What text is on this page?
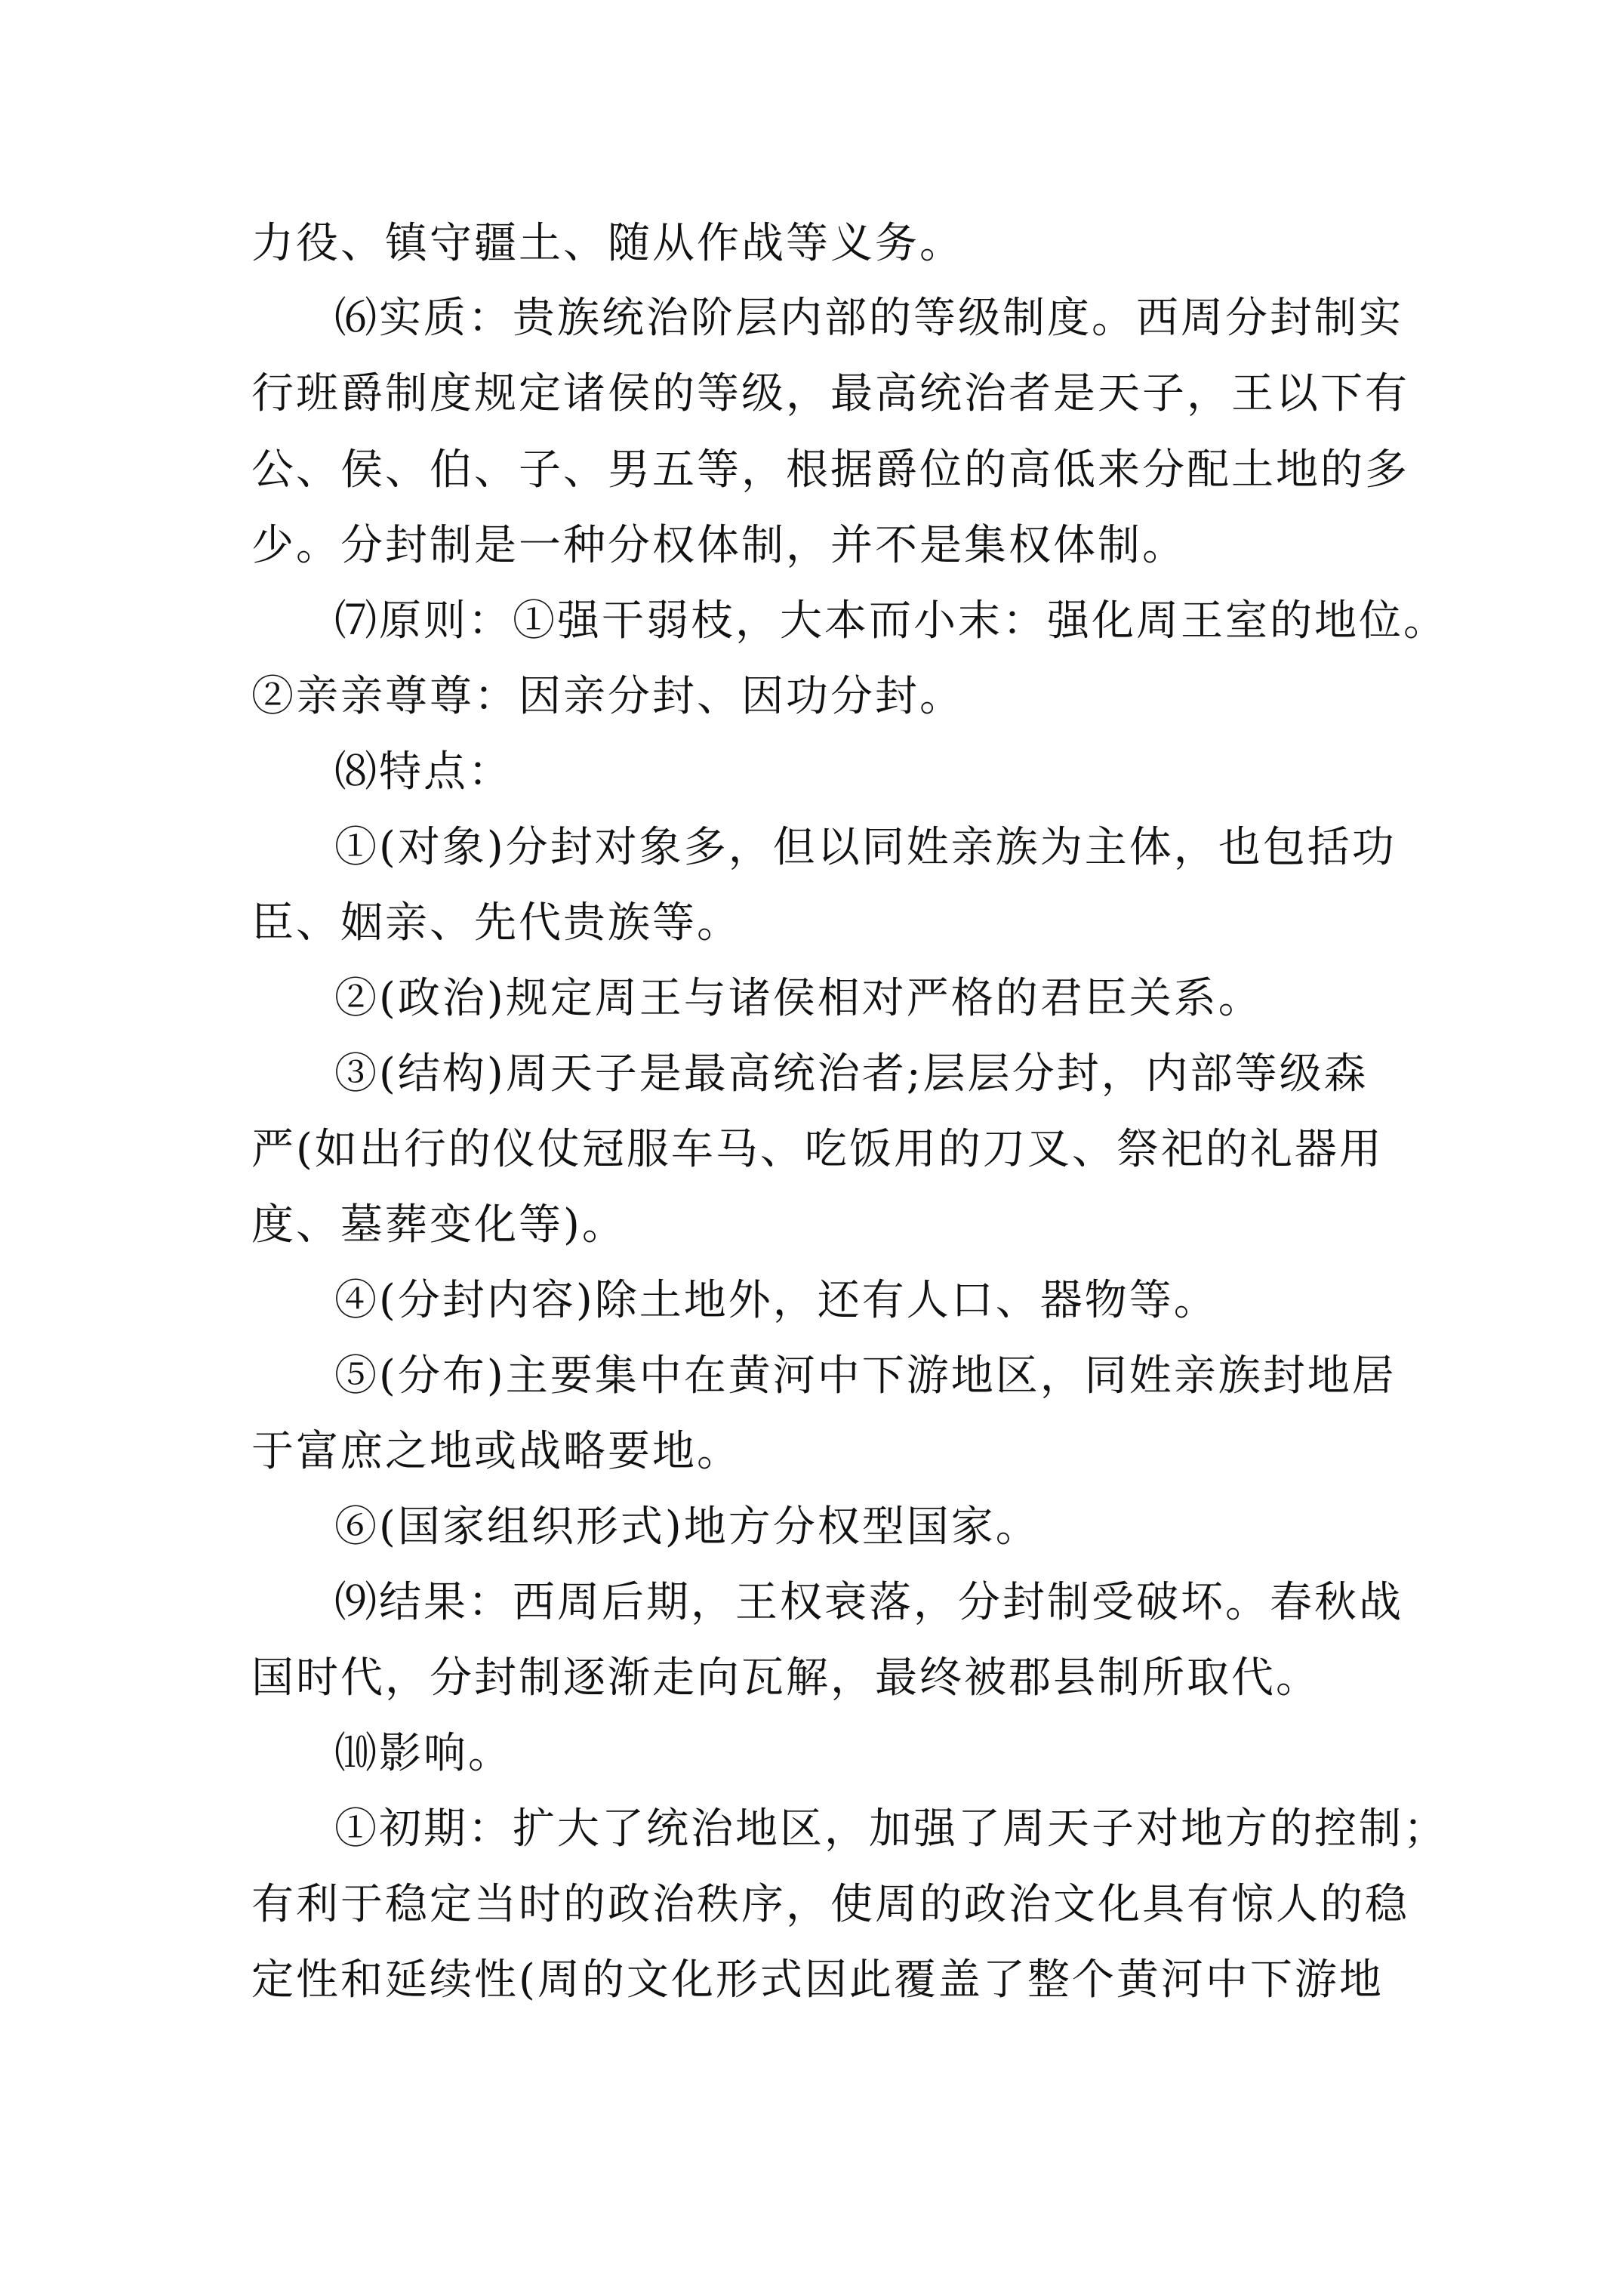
力役、镇守疆土、随从作战等义务。
⑹实质：贵族统治阶层内部的等级制度。西周分封制实
行班爵制度规定诸侯的等级，最高统治者是天子，王以下有
公、侯、伯、子、男五等，根据爵位的高低来分配土地的多
少。分封制是一种分权体制，并不是集权体制。
⑺原则：①强干弱枝，大本而小末：强化周王室的地位。
②亲亲尊尊：因亲分封、因功分封。
⑻特点：
①(对象)分封对象多，但以同姓亲族为主体，也包括功
臣、姻亲、先代贵族等。
②(政治)规定周王与诸侯相对严格的君臣关系。
③(结构)周天子是最高统治者;层层分封，内部等级森
严(如出行的仪仗冠服车马、吃饭用的刀叉、祭祀的礼器用
度、墓葬变化等)。
④(分封内容)除土地外，还有人口、器物等。
⑤(分布)主要集中在黄河中下游地区，同姓亲族封地居
于富庶之地或战略要地。
⑥(国家组织形式)地方分权型国家。
⑼结果：西周后期，王权衰落，分封制受破坏。春秋战
国时代，分封制逐渐走向瓦解，最终被郡县制所取代。
⑽影响。
①初期：扩大了统治地区，加强了周天子对地方的控制；
有利于稳定当时的政治秩序，使周的政治文化具有惊人的稳
定性和延续性(周的文化形式因此覆盖了整个黄河中下游地
